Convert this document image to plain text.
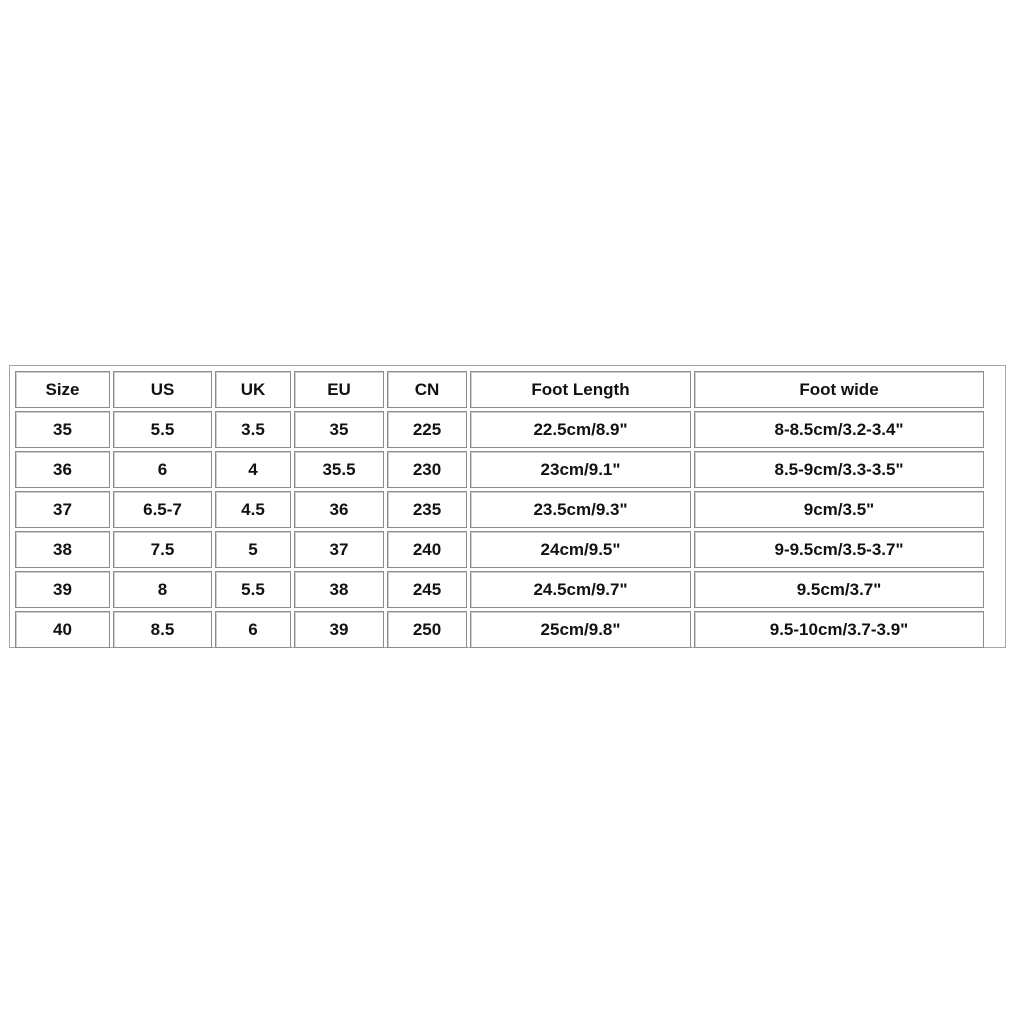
Size	US	UK	EU	CN	Foot Length	Foot wide
35	5.5	3.5	35	225	22.5cm/8.9"	8-8.5cm/3.2-3.4"
36	6	4	35.5	230	23cm/9.1"	8.5-9cm/3.3-3.5"
37	6.5-7	4.5	36	235	23.5cm/9.3"	9cm/3.5"
38	7.5	5	37	240	24cm/9.5"	9-9.5cm/3.5-3.7"
39	8	5.5	38	245	24.5cm/9.7"	9.5cm/3.7"
40	8.5	6	39	250	25cm/9.8"	9.5-10cm/3.7-3.9"
